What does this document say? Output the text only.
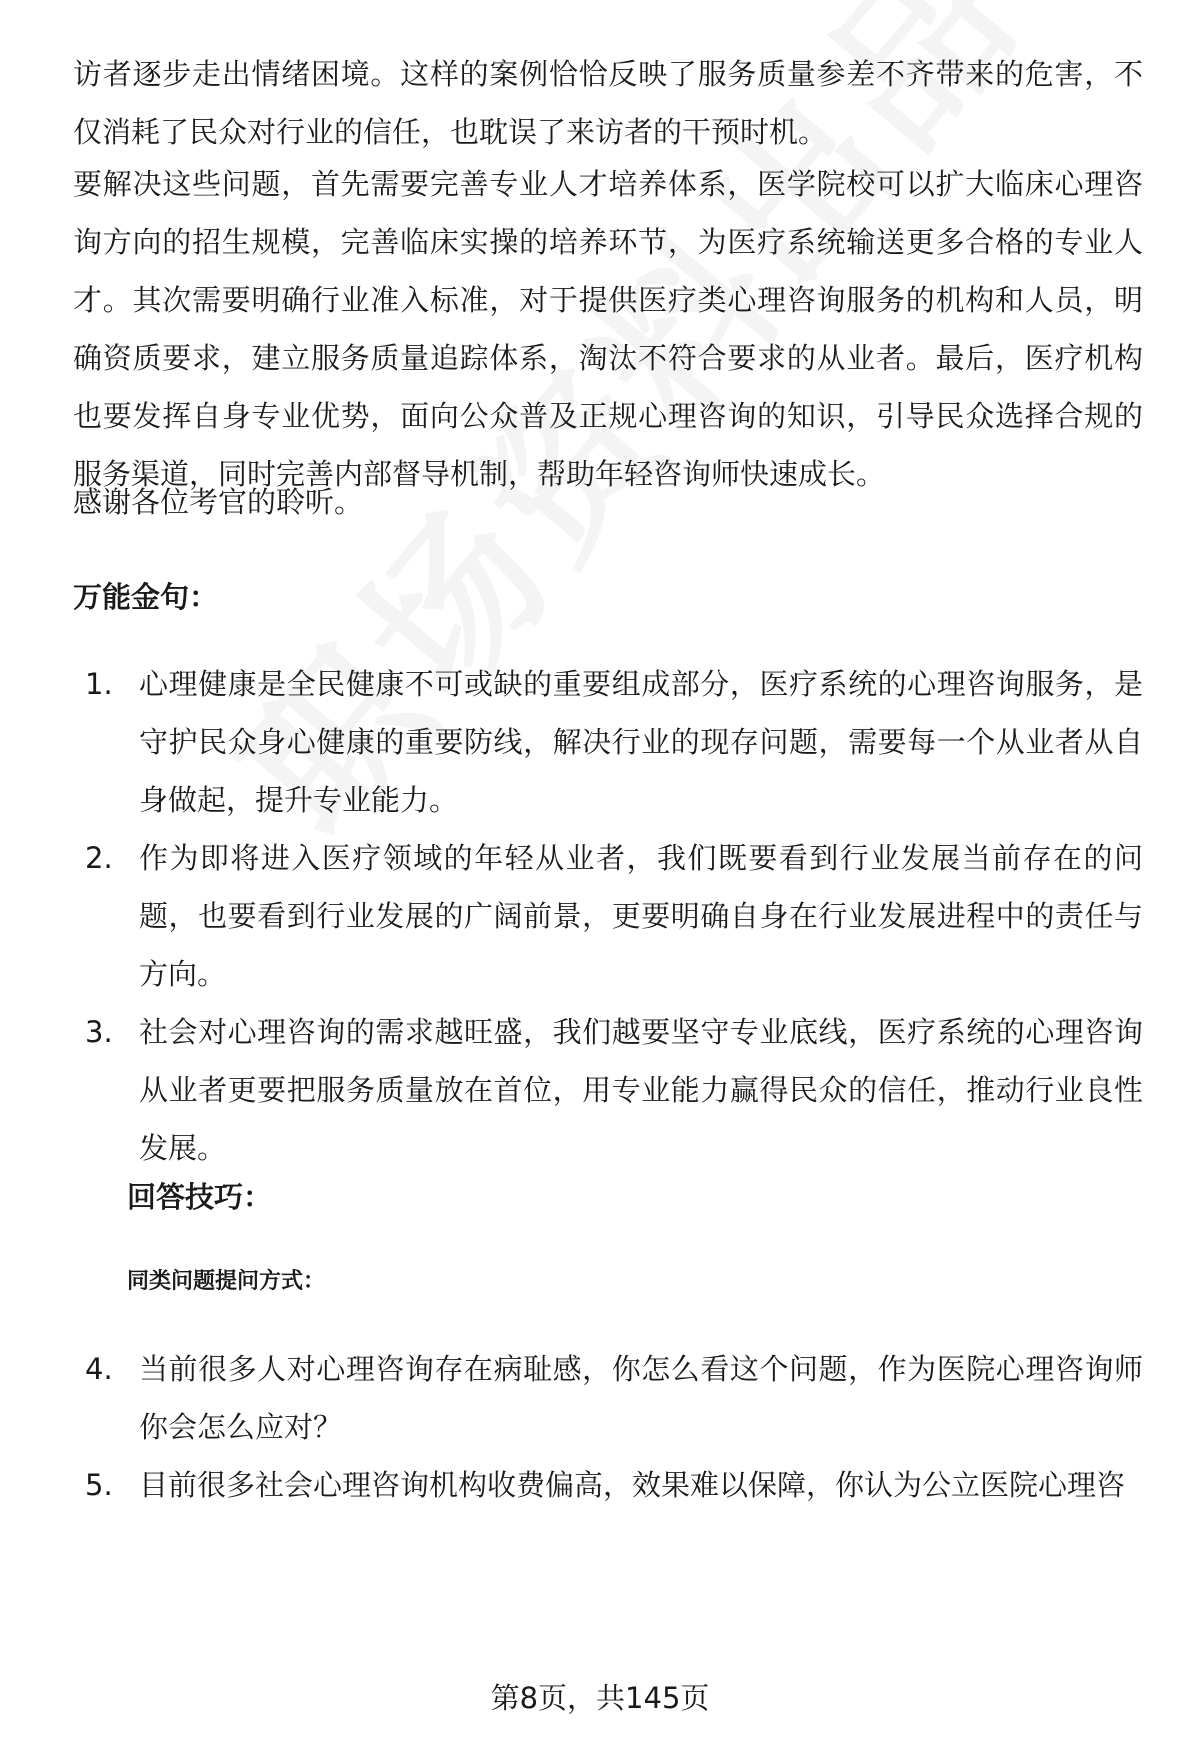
访者逐步走出情绪困境。这样的案例恰恰反映了服务质量参差不齐带来的危害，不仅消耗了民众对行业的信任，也耽误了来访者的干预时机。

要解决这些问题，首先需要完善专业人才培养体系，医学院校可以扩大临床心理咨询方向的招生规模，完善临床实操的培养环节，为医疗系统输送更多合格的专业人才。其次需要明确行业准入标准，对于提供医疗类心理咨询服务的机构和人员，明确资质要求，建立服务质量追踪体系，淘汰不符合要求的从业者。最后，医疗机构也要发挥自身专业优势，面向公众普及正规心理咨询的知识，引导民众选择合规的服务渠道，同时完善内部督导机制，帮助年轻咨询师快速成长。

感谢各位考官的聆听。

万能金句：
1. 心理健康是全民健康不可或缺的重要组成部分，医疗系统的心理咨询服务，是守护民众身心健康的重要防线，解决行业的现存问题，需要每一个从业者从自身做起，提升专业能力。
2. 作为即将进入医疗领域的年轻从业者，我们既要看到行业发展当前存在的问题，也要看到行业发展的广阔前景，更要明确自身在行业发展进程中的责任与方向。
3. 社会对心理咨询的需求越旺盛，我们越要坚守专业底线，医疗系统的心理咨询从业者更要把服务质量放在首位，用专业能力赢得民众的信任，推动行业良性发展。
回答技巧：
同类问题提问方式：
4. 当前很多人对心理咨询存在病耻感，你怎么看这个问题，作为医院心理咨询师你会怎么应对？
5. 目前很多社会心理咨询机构收费偏高，效果难以保障，你认为公立医院心理咨
第8页，共145页
